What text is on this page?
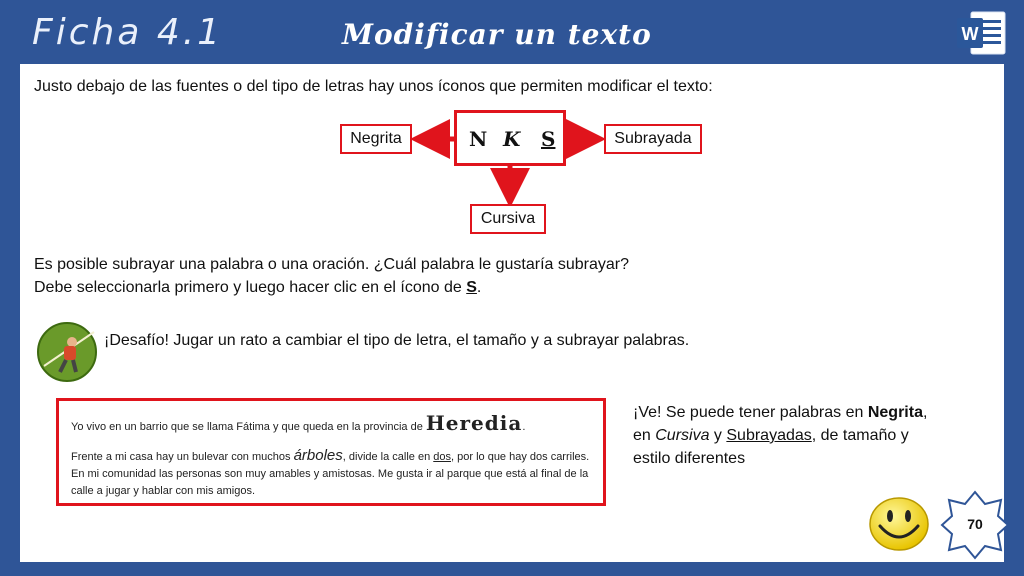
Ficha 4.1	Modificar un texto	W
Justo debajo de las fuentes o del tipo de letras hay unos íconos que permiten modificar el texto:
Negrita	N K S	Subrayada
Cursiva
Es posible subrayar una palabra o una oración. ¿Cuál palabra le gustaría subrayar?
Debe seleccionarla primero y luego hacer clic en el ícono de S.
¡Desafío! Jugar un rato a cambiar el tipo de letra, el tamaño y a subrayar palabras.
Yo vivo en un barrio que se llama Fátima y que queda en la provincia de Heredia.
Frente a mi casa hay un bulevar con muchos árboles, divide la calle en dos, por lo que hay dos carriles. En mi comunidad las personas son muy amables y amistosas. Me gusta ir al parque que está al final de la calle a jugar y hablar con mis amigos.
¡Ve! Se puede tener palabras en Negrita,
en Cursiva y Subrayadas, de tamaño y
estilo diferentes
70
